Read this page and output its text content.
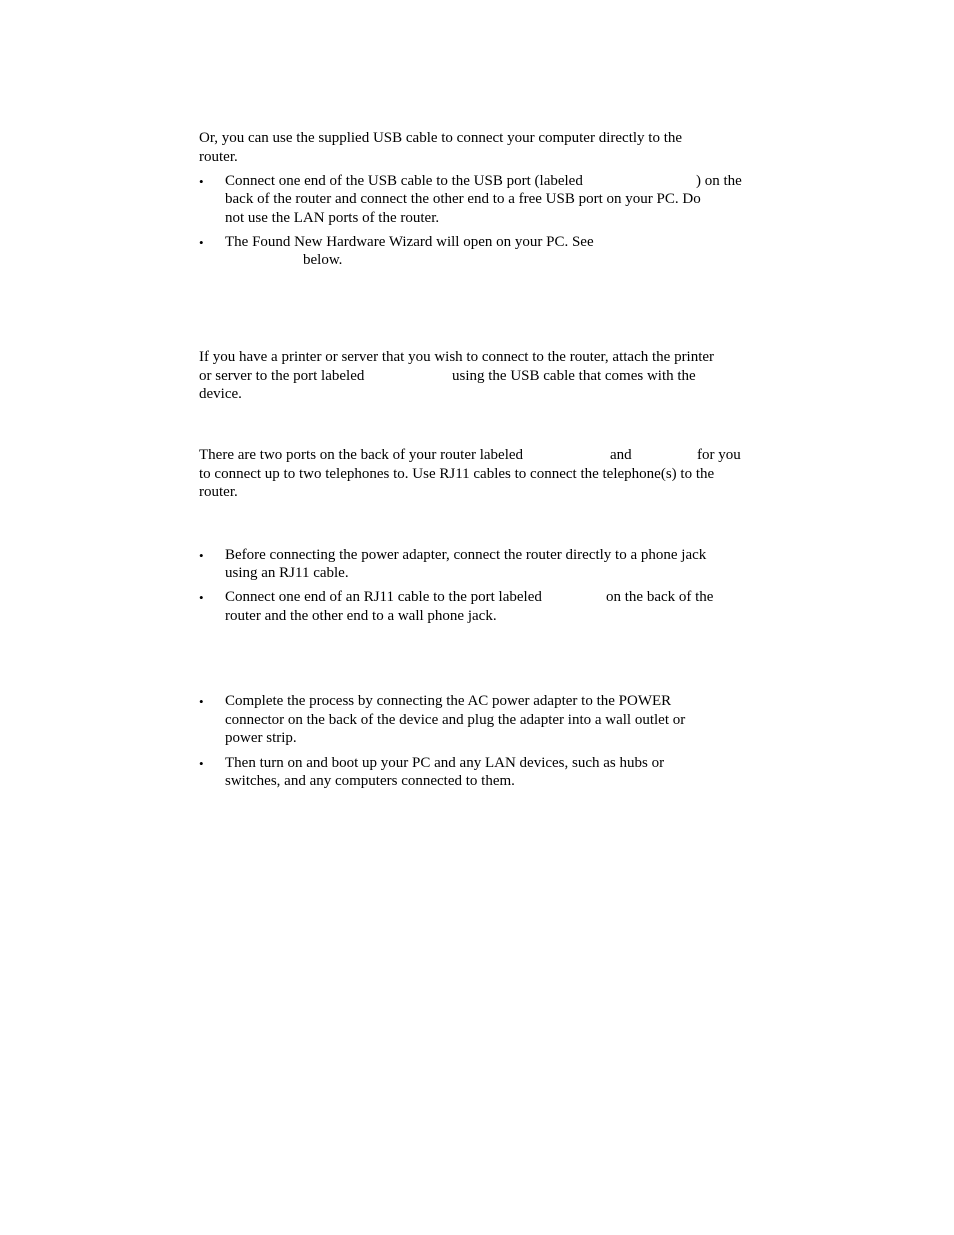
Or, you can use the supplied USB cable to connect your computer directly to the
router.
• Connect one end of the USB cable to the USB port (labeled	) on the
back of the router and connect the other end to a free USB port on your PC. Do
not use the LAN ports of the router.
• The Found New Hardware Wizard will open on your PC. See
below.
If you have a printer or server that you wish to connect to the router, attach the printer
or server to the port labeled	using the USB cable that comes with the
device.
There are two ports on the back of your router labeled	and	for you
to connect up to two telephones to. Use RJ11 cables to connect the telephone(s) to the
router.
• Before connecting the power adapter, connect the router directly to a phone jack
using an RJ11 cable.
• Connect one end of an RJ11 cable to the port labeled	on the back of the
router and the other end to a wall phone jack.
• Complete the process by connecting the AC power adapter to the POWER
connector on the back of the device and plug the adapter into a wall outlet or
power strip.
• Then turn on and boot up your PC and any LAN devices, such as hubs or
switches, and any computers connected to them.
